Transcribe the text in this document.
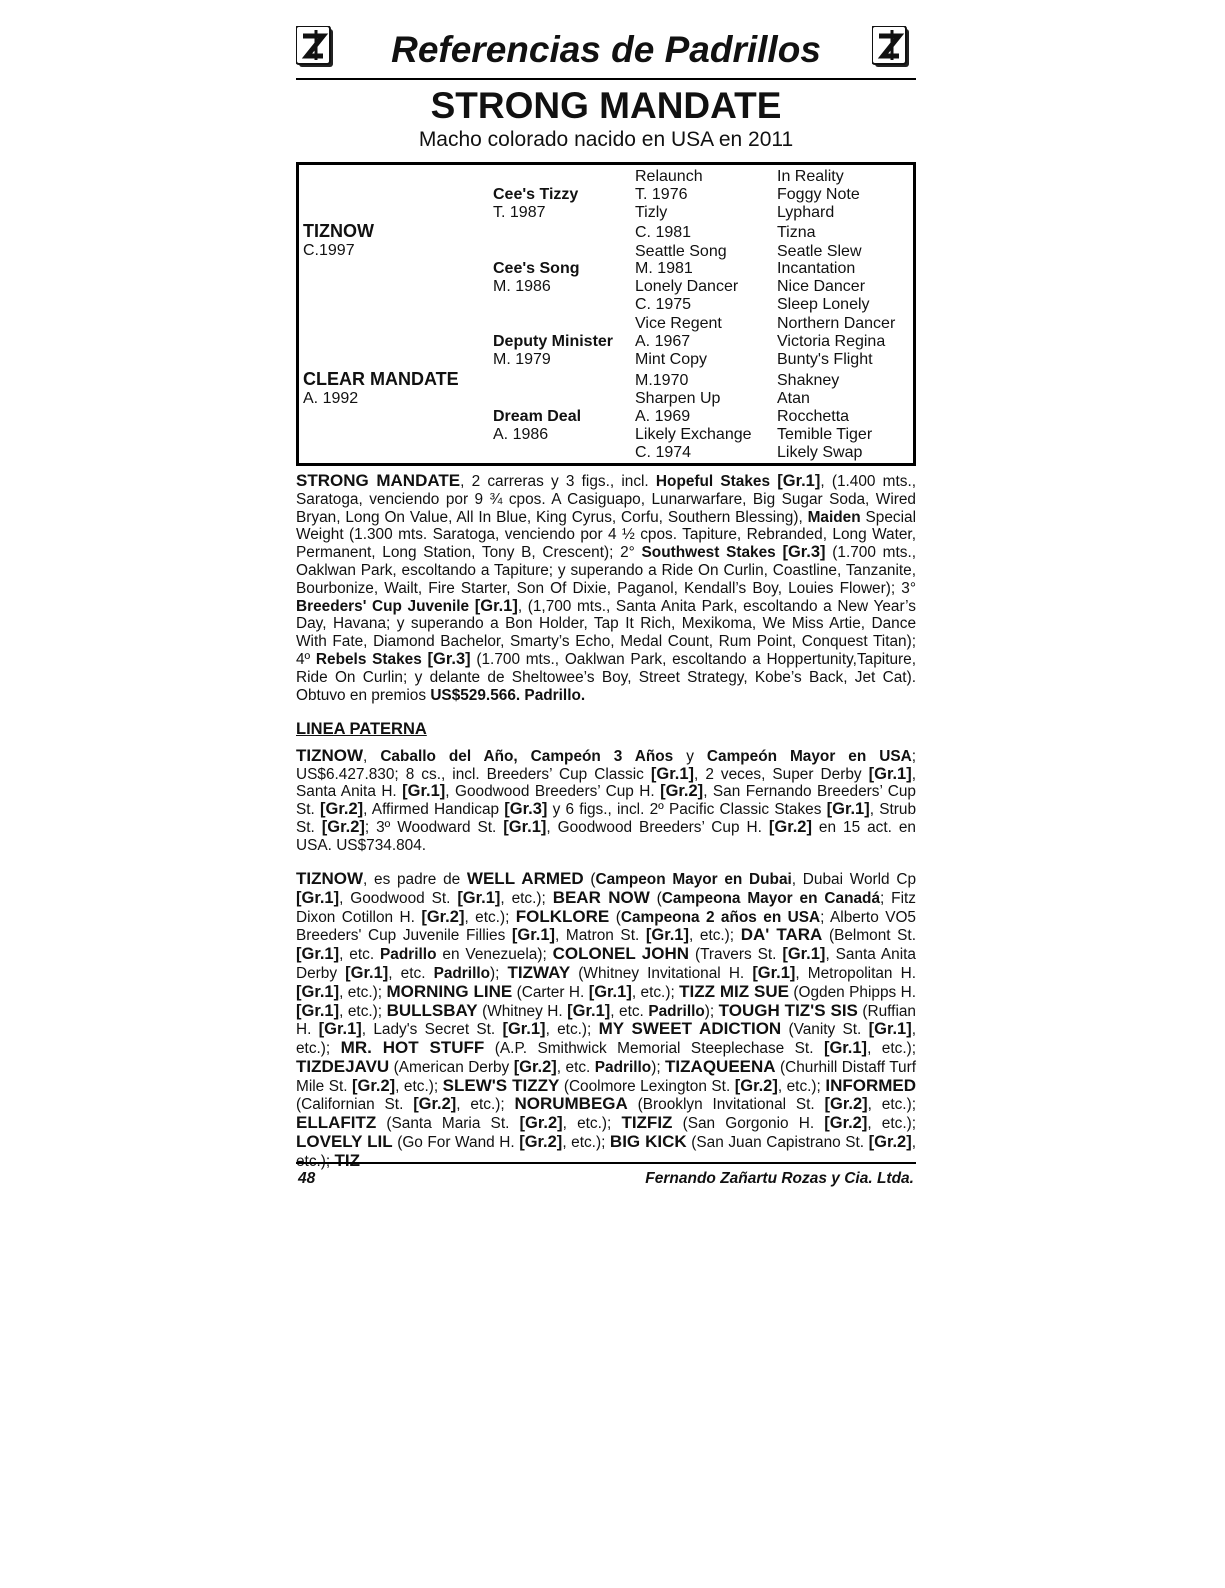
Referencias de Padrillos
STRONG MANDATE
Macho colorado nacido en USA en 2011
TIZNOW
C.1997
CLEAR MANDATE
A. 1992
Cee's Tizzy
T. 1987
Cee's Song
M. 1986
Deputy Minister
M. 1979
Dream Deal
A. 1986
Relaunch
T. 1976
Tizly
C. 1981
Seattle Song
M. 1981
Lonely Dancer
C. 1975
Vice Regent
A. 1967
Mint Copy
M.1970
Sharpen Up
A. 1969
Likely Exchange
C. 1974
In Reality
Foggy Note
Lyphard
Tizna
Seatle Slew
Incantation
Nice Dancer
Sleep Lonely
Northern Dancer
Victoria Regina
Bunty's Flight
Shakney
Atan
Rocchetta
Temible Tiger
Likely Swap

STRONG MANDATE, 2 carreras y 3 figs., incl. Hopeful Stakes [Gr.1], (1.400 mts., Saratoga, venciendo por 9 ¾ cpos. A Casiguapo, Lunarwarfare, Big Sugar Soda, Wired Bryan, Long On Value, All In Blue, King Cyrus, Corfu, Southern Blessing), Maiden Special Weight (1.300 mts. Saratoga, venciendo por 4 ½ cpos. Tapiture, Rebranded, Long Water, Permanent, Long Station, Tony B, Crescent); 2° Southwest Stakes [Gr.3] (1.700 mts., Oaklwan Park, escoltando a Tapiture; y superando a Ride On Curlin, Coastline, Tanzanite, Bourbonize, Wailt, Fire Starter, Son Of Dixie, Paganol, Kendall’s Boy, Louies Flower); 3° Breeders' Cup Juvenile [Gr.1], (1,700 mts., Santa Anita Park, escoltando a New Year’s Day, Havana; y superando a Bon Holder, Tap It Rich, Mexikoma, We Miss Artie, Dance With Fate, Diamond Bachelor, Smarty’s Echo, Medal Count, Rum Point, Conquest Titan); 4º Rebels Stakes [Gr.3] (1.700 mts., Oaklwan Park, escoltando a Hoppertunity,Tapiture, Ride On Curlin; y delante de Sheltowee’s Boy, Street Strategy, Kobe’s Back, Jet Cat). Obtuvo en premios US$529.566. Padrillo.

LINEA PATERNA

TIZNOW, Caballo del Año, Campeón 3 Años y Campeón Mayor en USA; US$6.427.830; 8 cs., incl. Breeders’ Cup Classic [Gr.1], 2 veces, Super Derby [Gr.1], Santa Anita H. [Gr.1], Goodwood Breeders’ Cup H. [Gr.2], San Fernando Breeders’ Cup St. [Gr.2], Affirmed Handicap [Gr.3] y 6 figs., incl. 2º Pacific Classic Stakes [Gr.1], Strub St. [Gr.2]; 3º Woodward St. [Gr.1], Goodwood Breeders’ Cup H. [Gr.2] en 15 act. en USA. US$734.804.

TIZNOW, es padre de WELL ARMED (Campeon Mayor en Dubai, Dubai World Cp [Gr.1], Goodwood St. [Gr.1], etc.); BEAR NOW (Campeona Mayor en Canadá; Fitz Dixon Cotillon H. [Gr.2], etc.); FOLKLORE (Campeona 2 años en USA; Alberto VO5 Breeders' Cup Juvenile Fillies [Gr.1], Matron St. [Gr.1], etc.); DA' TARA (Belmont St. [Gr.1], etc. Padrillo en Venezuela); COLONEL JOHN (Travers St. [Gr.1], Santa Anita Derby [Gr.1], etc. Padrillo); TIZWAY (Whitney Invitational H. [Gr.1], Metropolitan H. [Gr.1], etc.); MORNING LINE (Carter H. [Gr.1], etc.); TIZZ MIZ SUE (Ogden Phipps H. [Gr.1], etc.); BULLSBAY (Whitney H. [Gr.1], etc. Padrillo); TOUGH TIZ'S SIS (Ruffian H. [Gr.1], Lady's Secret St. [Gr.1], etc.); MY SWEET ADICTION (Vanity St. [Gr.1], etc.); MR. HOT STUFF (A.P. Smithwick Memorial Steeplechase St. [Gr.1], etc.); TIZDEJAVU (American Derby [Gr.2], etc. Padrillo); TIZAQUEENA (Churhill Distaff Turf Mile St. [Gr.2], etc.); SLEW'S TIZZY (Coolmore Lexington St. [Gr.2], etc.); INFORMED (Californian St. [Gr.2], etc.); NORUMBEGA (Brooklyn Invitational St. [Gr.2], etc.); ELLAFITZ (Santa Maria St. [Gr.2], etc.); TIZFIZ (San Gorgonio H. [Gr.2], etc.); LOVELY LIL (Go For Wand H. [Gr.2], etc.); BIG KICK (San Juan Capistrano St. [Gr.2], etc.); TIZ

48	Fernando Zañartu Rozas y Cia. Ltda.
